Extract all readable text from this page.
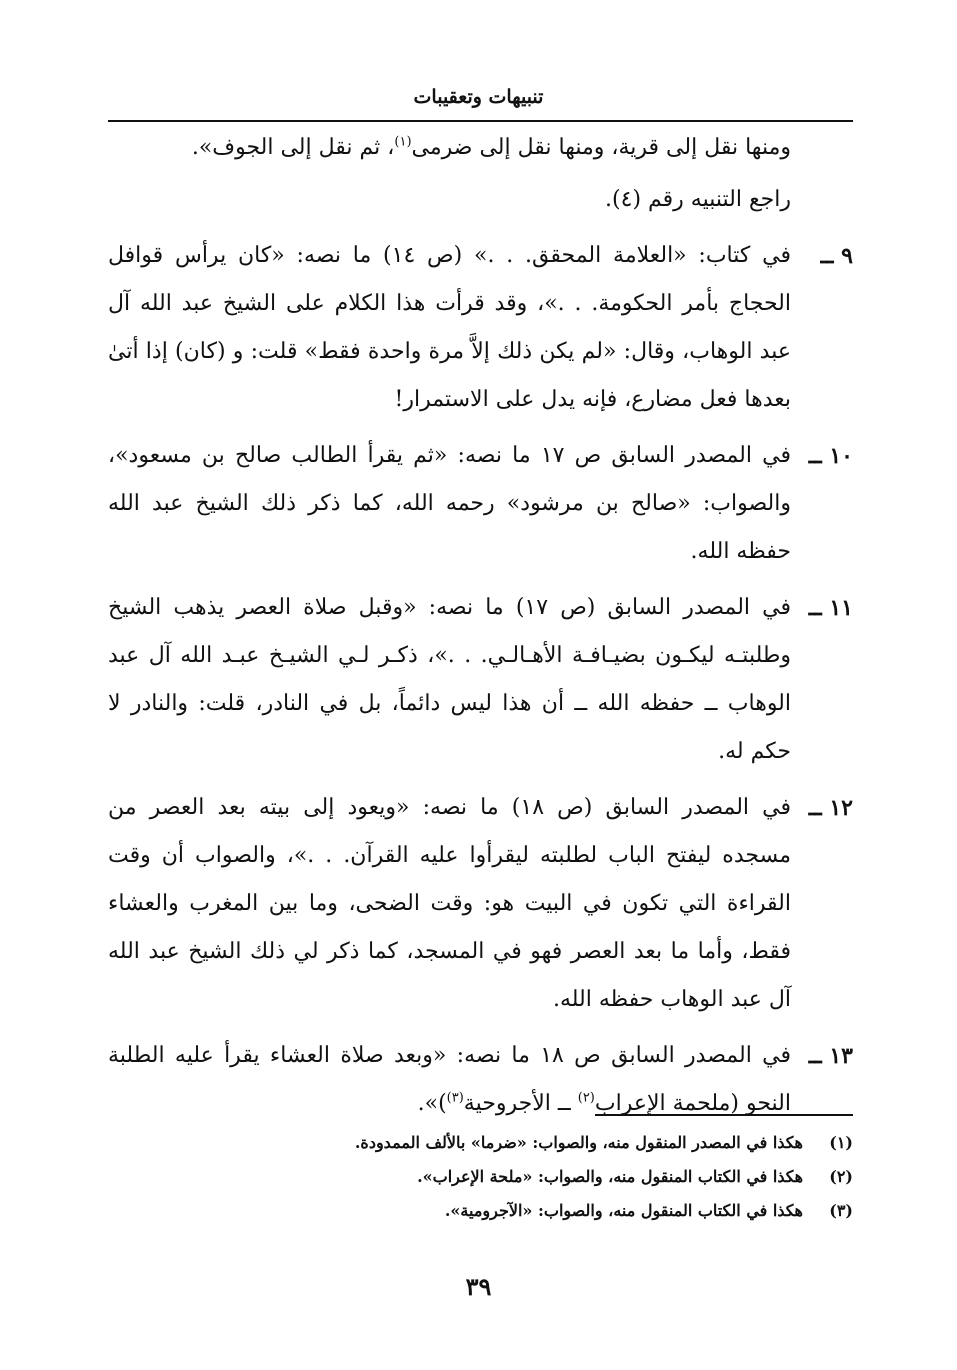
تنبيهات وتعقيبات
ومنها نقل إلى قرية، ومنها نقل إلى ضرمى$^{(١)}$، ثم نقل إلى الجوف».
راجع التنبيه رقم (٤).
٩ ــ
في كتاب: «العلامة المحقق. . .» (ص ١٤) ما نصه: «كان يرأس قوافل الحجاج بأمر الحكومة. . .»، وقد قرأت هذا الكلام على الشيخ عبد الله آل عبد الوهاب، وقال: «لم يكن ذلك إلاَّ مرة واحدة فقط» قلت: و (كان) إذا أتىٰ بعدها فعل مضارع، فإنه يدل على الاستمرار!
١٠ ــ
في المصدر السابق ص ١٧ ما نصه: «ثم يقرأ الطالب صالح بن مسعود»، والصواب: «صالح بن مرشود» رحمه الله، كما ذكر ذلك الشيخ عبد الله حفظه الله.
١١ ــ
في المصدر السابق (ص ١٧) ما نصه: «وقبل صلاة العصر يذهب الشيخ وطلبتـه ليكـون بضيـافـة الأهـالـي. . .»، ذكـر لـي الشيـخ عبـد الله آل عبد الوهاب ــ حفظه الله ــ أن هذا ليس دائماً، بل في النادر، قلت: والنادر لا حكم له.
١٢ ــ
في المصدر السابق (ص ١٨) ما نصه: «ويعود إلى بيته بعد العصر من مسجده ليفتح الباب لطلبته ليقرأوا عليه القرآن. . .»، والصواب أن وقت القراءة التي تكون في البيت هو: وقت الضحى، وما بين المغرب والعشاء فقط، وأما ما بعد العصر فهو في المسجد، كما ذكر لي ذلك الشيخ عبد الله آل عبد الوهاب حفظه الله.
١٣ ــ
في المصدر السابق ص ١٨ ما نصه: «وبعد صلاة العشاء يقرأ عليه الطلبة النحو (ملحمة الإعراب$^{(٢)}$ ــ الأجروحية$^{(٣)}$)».
(١)
هكذا في المصدر المنقول منه، والصواب: «ضرما» بالألف الممدودة.
(٢)
هكذا في الكتاب المنقول منه، والصواب: «ملحة الإعراب».
(٣)
هكذا في الكتاب المنقول منه، والصواب: «الآجرومية».
٣٩
